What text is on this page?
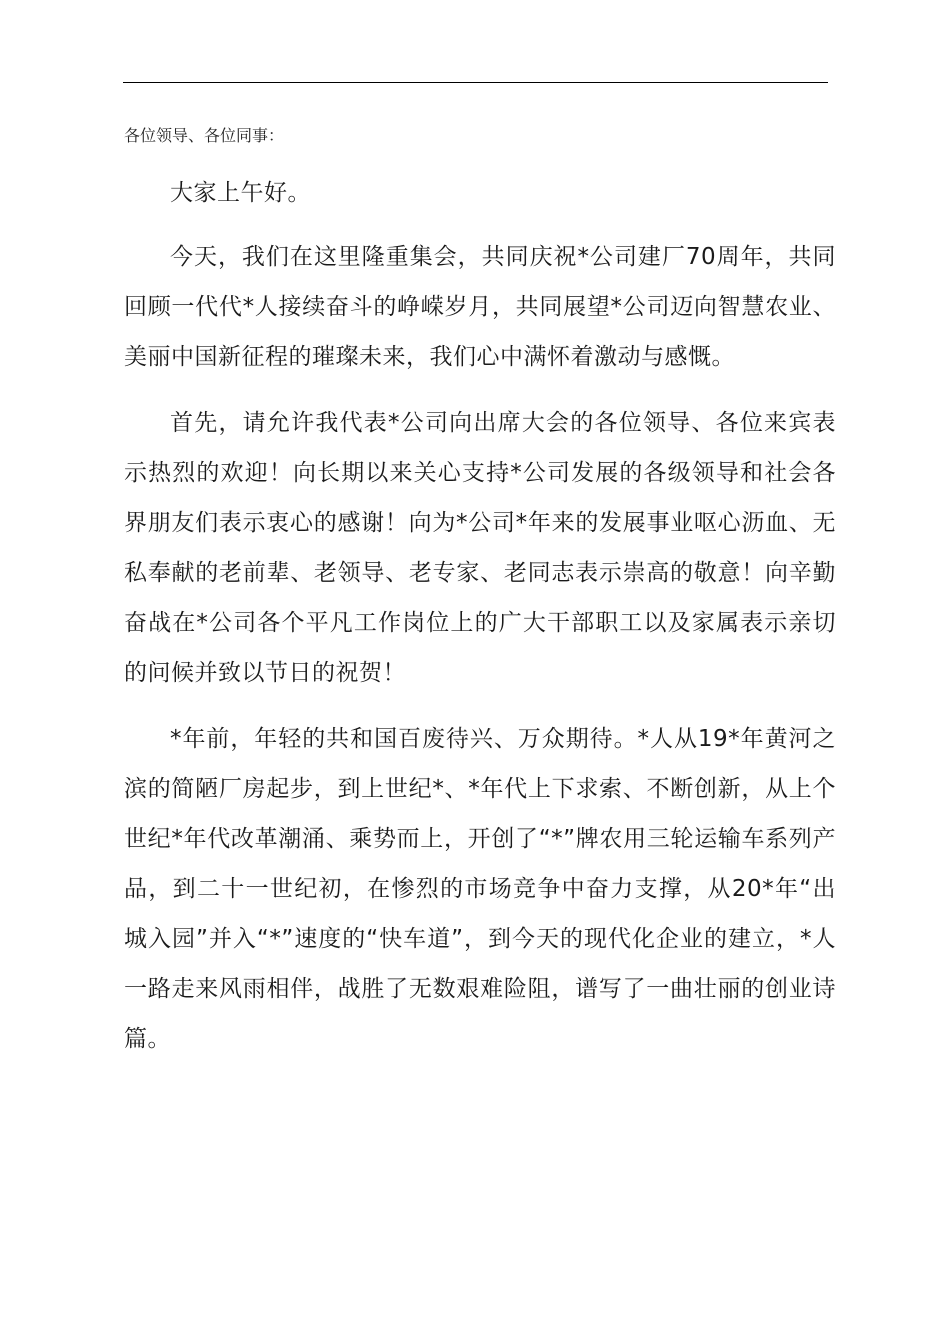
各位领导、各位同事：

大家上午好。

今天，我们在这里隆重集会，共同庆祝*公司建厂70周年，共同回顾一代代*人接续奋斗的峥嵘岁月，共同展望*公司迈向智慧农业、美丽中国新征程的璀璨未来，我们心中满怀着激动与感慨。

首先，请允许我代表*公司向出席大会的各位领导、各位来宾表示热烈的欢迎！向长期以来关心支持*公司发展的各级领导和社会各界朋友们表示衷心的感谢！向为*公司*年来的发展事业呕心沥血、无私奉献的老前辈、老领导、老专家、老同志表示崇高的敬意！向辛勤奋战在*公司各个平凡工作岗位上的广大干部职工以及家属表示亲切的问候并致以节日的祝贺！

*年前，年轻的共和国百废待兴、万众期待。*人从19*年黄河之滨的简陋厂房起步，到上世纪*、*年代上下求索、不断创新，从上个世纪*年代改革潮涌、乘势而上，开创了“*”牌农用三轮运输车系列产品，到二十一世纪初，在惨烈的市场竞争中奋力支撑，从20*年“出城入园”并入“*”速度的“快车道”，到今天的现代化企业的建立，*人一路走来风雨相伴，战胜了无数艰难险阻，谱写了一曲壮丽的创业诗篇。
